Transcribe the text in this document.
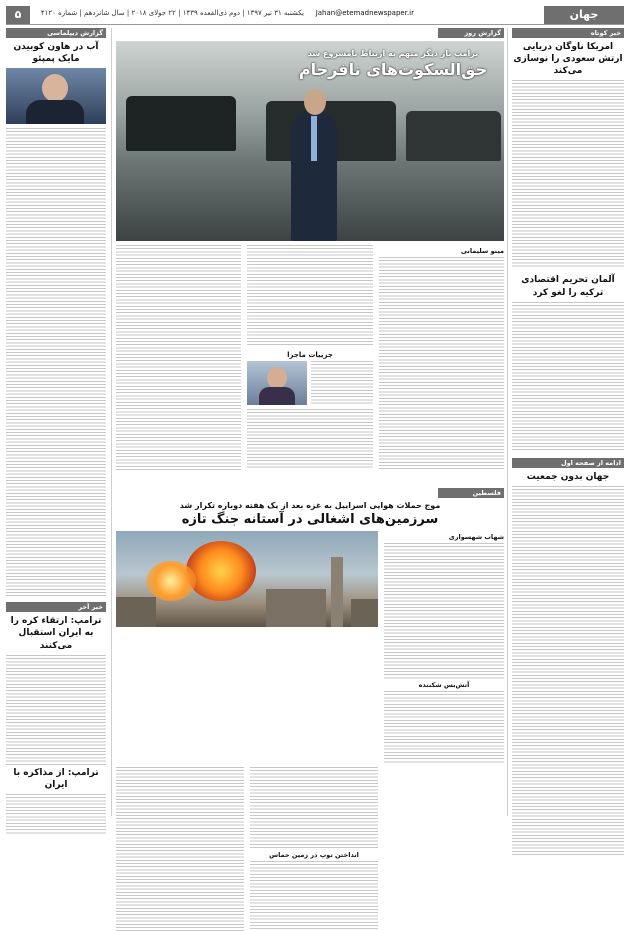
جهان
یکشنبه ۳۱ تیر ۱۳۹۷ | دوم ذی‌القعده ۱۴۳۹ | ۲۲ جولای ۲۰۱۸ | سال شانزدهم | شماره ۴۱۲۰ Jahan@etemadnewspaper.ir
۵
خبر کوتاه
امریکا ناوگان دریایی ارتش سعودی را نوسازی می‌کند
آلمان تحریم اقتصادی ترکیه را لغو کرد
ادامه از صفحه اول
جهان بدون جمعیت
گزارش روز
ترامپ بار دیگر متهم به ارتباط نامشروع شد
حق‌السکوت‌های نافرجام
مینو سلیمانی
جزییات ماجرا
فلسطین
موج حملات هوایی اسراییل به غزه بعد از یک هفته دوباره تکرار شد
سرزمین‌های اشغالی در آستانه جنگ تازه
شهاب شهسواری
آتش‌بس شکننده
انداختن توپ در زمین حماس
گزارش دیپلماسی
آب در هاون کوبیدن مایک پمپئو
خبر آخر
ترامپ: ارتقاء‌ کره را به ایران استقبال می‌کنند
ترامپ: از مذاکره با ایران
